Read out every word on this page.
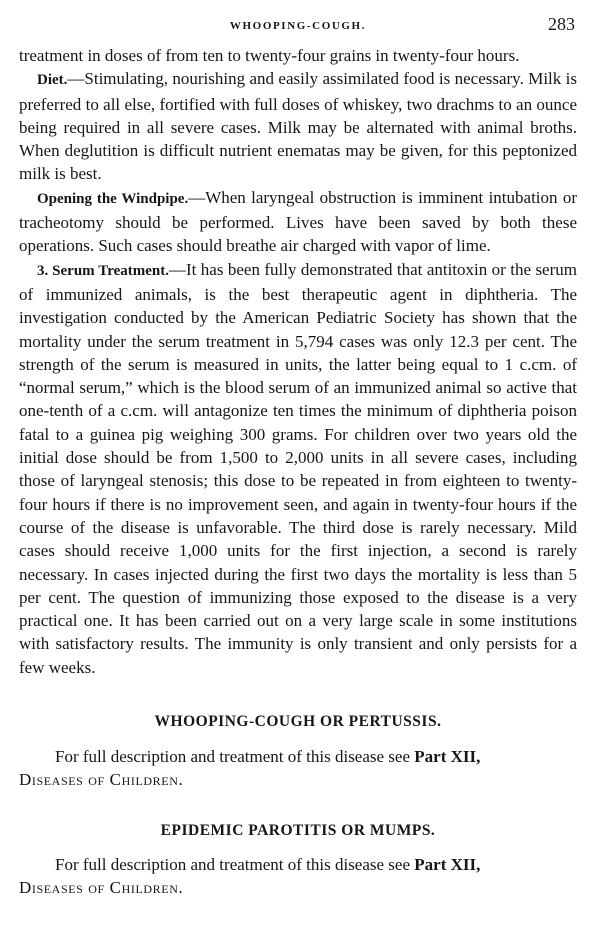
WHOOPING-COUGH.	283

treatment in doses of from ten to twenty-four grains in twenty-four hours.

Diet.—Stimulating, nourishing and easily assimilated food is necessary. Milk is preferred to all else, fortified with full doses of whiskey, two drachms to an ounce being required in all severe cases. Milk may be alternated with animal broths. When deglutition is difficult nutrient enematas may be given, for this peptonized milk is best.

Opening the Windpipe.—When laryngeal obstruction is imminent intubation or tracheotomy should be performed. Lives have been saved by both these operations. Such cases should breathe air charged with vapor of lime.

3. Serum Treatment.—It has been fully demonstrated that antitoxin or the serum of immunized animals, is the best therapeutic agent in diphtheria. The investigation conducted by the American Pediatric Society has shown that the mortality under the serum treatment in 5,794 cases was only 12.3 per cent. The strength of the serum is measured in units, the latter being equal to 1 c.cm. of “normal serum,” which is the blood serum of an immunized animal so active that one-tenth of a c.cm. will antagonize ten times the minimum of diphtheria poison fatal to a guinea pig weighing 300 grams. For children over two years old the initial dose should be from 1,500 to 2,000 units in all severe cases, including those of laryngeal stenosis; this dose to be repeated in from eighteen to twenty-four hours if there is no improvement seen, and again in twenty-four hours if the course of the disease is unfavorable. The third dose is rarely necessary. Mild cases should receive 1,000 units for the first injection, a second is rarely necessary. In cases injected during the first two days the mortality is less than 5 per cent. The question of immunizing those exposed to the disease is a very practical one. It has been carried out on a very large scale in some institutions with satisfactory results. The immunity is only transient and only persists for a few weeks.

WHOOPING-COUGH OR PERTUSSIS.

For full description and treatment of this disease see Part XII,
Diseases of Children.

EPIDEMIC PAROTITIS OR MUMPS.

For full description and treatment of this disease see Part XII,
Diseases of Children.
